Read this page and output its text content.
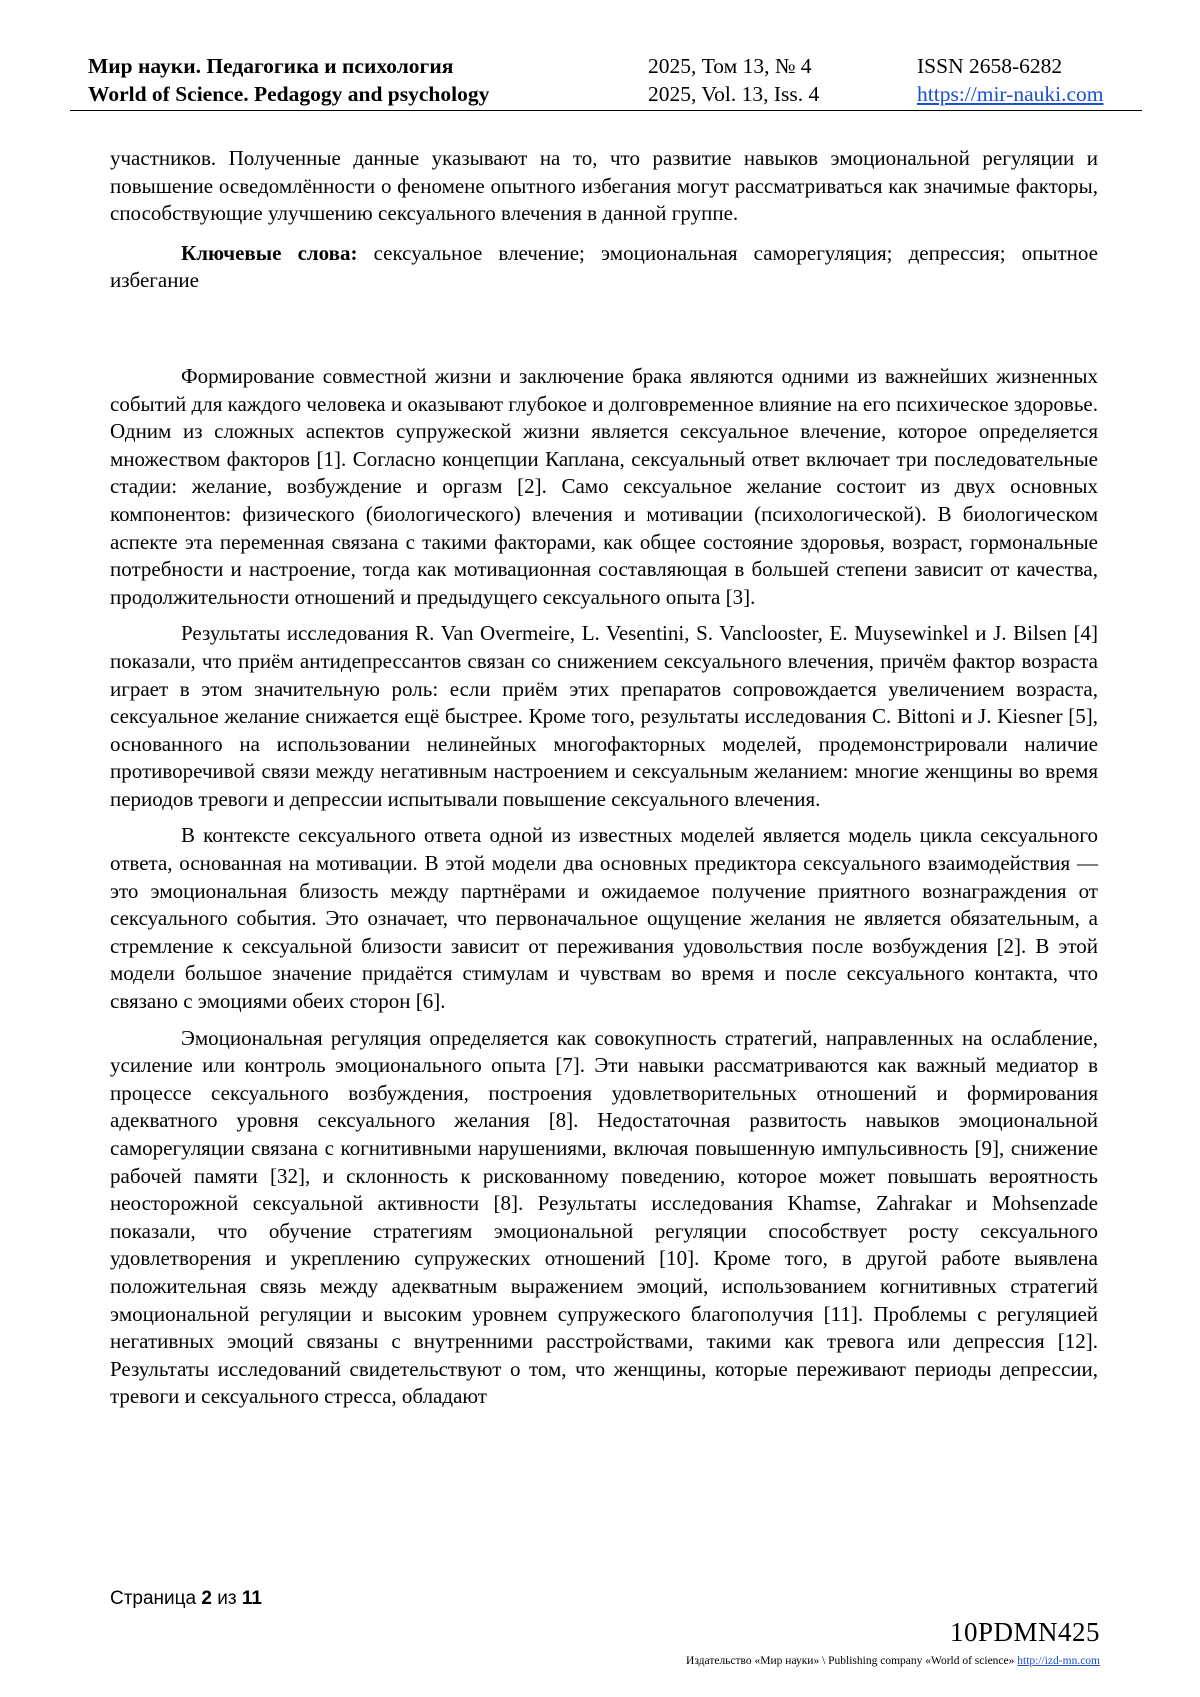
Мир науки. Педагогика и психология
World of Science. Pedagogy and psychology
2025, Том 13, № 4
2025, Vol. 13, Iss. 4
ISSN 2658-6282
https://mir-nauki.com

участников. Полученные данные указывают на то, что развитие навыков эмоциональной регуляции и повышение осведомлённости о феномене опытного избегания могут рассматриваться как значимые факторы, способствующие улучшению сексуального влечения в данной группе.

Ключевые слова: сексуальное влечение; эмоциональная саморегуляция; депрессия; опытное избегание

Формирование совместной жизни и заключение брака являются одними из важнейших жизненных событий для каждого человека и оказывают глубокое и долговременное влияние на его психическое здоровье. Одним из сложных аспектов супружеской жизни является сексуальное влечение, которое определяется множеством факторов [1]. Согласно концепции Каплана, сексуальный ответ включает три последовательные стадии: желание, возбуждение и оргазм [2]. Само сексуальное желание состоит из двух основных компонентов: физического (биологического) влечения и мотивации (психологической). В биологическом аспекте эта переменная связана с такими факторами, как общее состояние здоровья, возраст, гормональные потребности и настроение, тогда как мотивационная составляющая в большей степени зависит от качества, продолжительности отношений и предыдущего сексуального опыта [3].

Результаты исследования R. Van Overmeire, L. Vesentini, S. Vanclooster, E. Muysewinkel и J. Bilsen [4] показали, что приём антидепрессантов связан со снижением сексуального влечения, причём фактор возраста играет в этом значительную роль: если приём этих препаратов сопровождается увеличением возраста, сексуальное желание снижается ещё быстрее. Кроме того, результаты исследования C. Bittoni и J. Kiesner [5], основанного на использовании нелинейных многофакторных моделей, продемонстрировали наличие противоречивой связи между негативным настроением и сексуальным желанием: многие женщины во время периодов тревоги и депрессии испытывали повышение сексуального влечения.

В контексте сексуального ответа одной из известных моделей является модель цикла сексуального ответа, основанная на мотивации. В этой модели два основных предиктора сексуального взаимодействия — это эмоциональная близость между партнёрами и ожидаемое получение приятного вознаграждения от сексуального события. Это означает, что первоначальное ощущение желания не является обязательным, а стремление к сексуальной близости зависит от переживания удовольствия после возбуждения [2]. В этой модели большое значение придаётся стимулам и чувствам во время и после сексуального контакта, что связано с эмоциями обеих сторон [6].

Эмоциональная регуляция определяется как совокупность стратегий, направленных на ослабление, усиление или контроль эмоционального опыта [7]. Эти навыки рассматриваются как важный медиатор в процессе сексуального возбуждения, построения удовлетворительных отношений и формирования адекватного уровня сексуального желания [8]. Недостаточная развитость навыков эмоциональной саморегуляции связана с когнитивными нарушениями, включая повышенную импульсивность [9], снижение рабочей памяти [32], и склонность к рискованному поведению, которое может повышать вероятность неосторожной сексуальной активности [8]. Результаты исследования Khamse, Zahrakar и Mohsenzade показали, что обучение стратегиям эмоциональной регуляции способствует росту сексуального удовлетворения и укреплению супружеских отношений [10]. Кроме того, в другой работе выявлена положительная связь между адекватным выражением эмоций, использованием когнитивных стратегий эмоциональной регуляции и высоким уровнем супружеского благополучия [11]. Проблемы с регуляцией негативных эмоций связаны с внутренними расстройствами, такими как тревога или депрессия [12]. Результаты исследований свидетельствуют о том, что женщины, которые переживают периоды депрессии, тревоги и сексуального стресса, обладают

Страница 2 из 11
10PDMN425
Издательство «Мир науки» \ Publishing company «World of science» http://izd-mn.com
